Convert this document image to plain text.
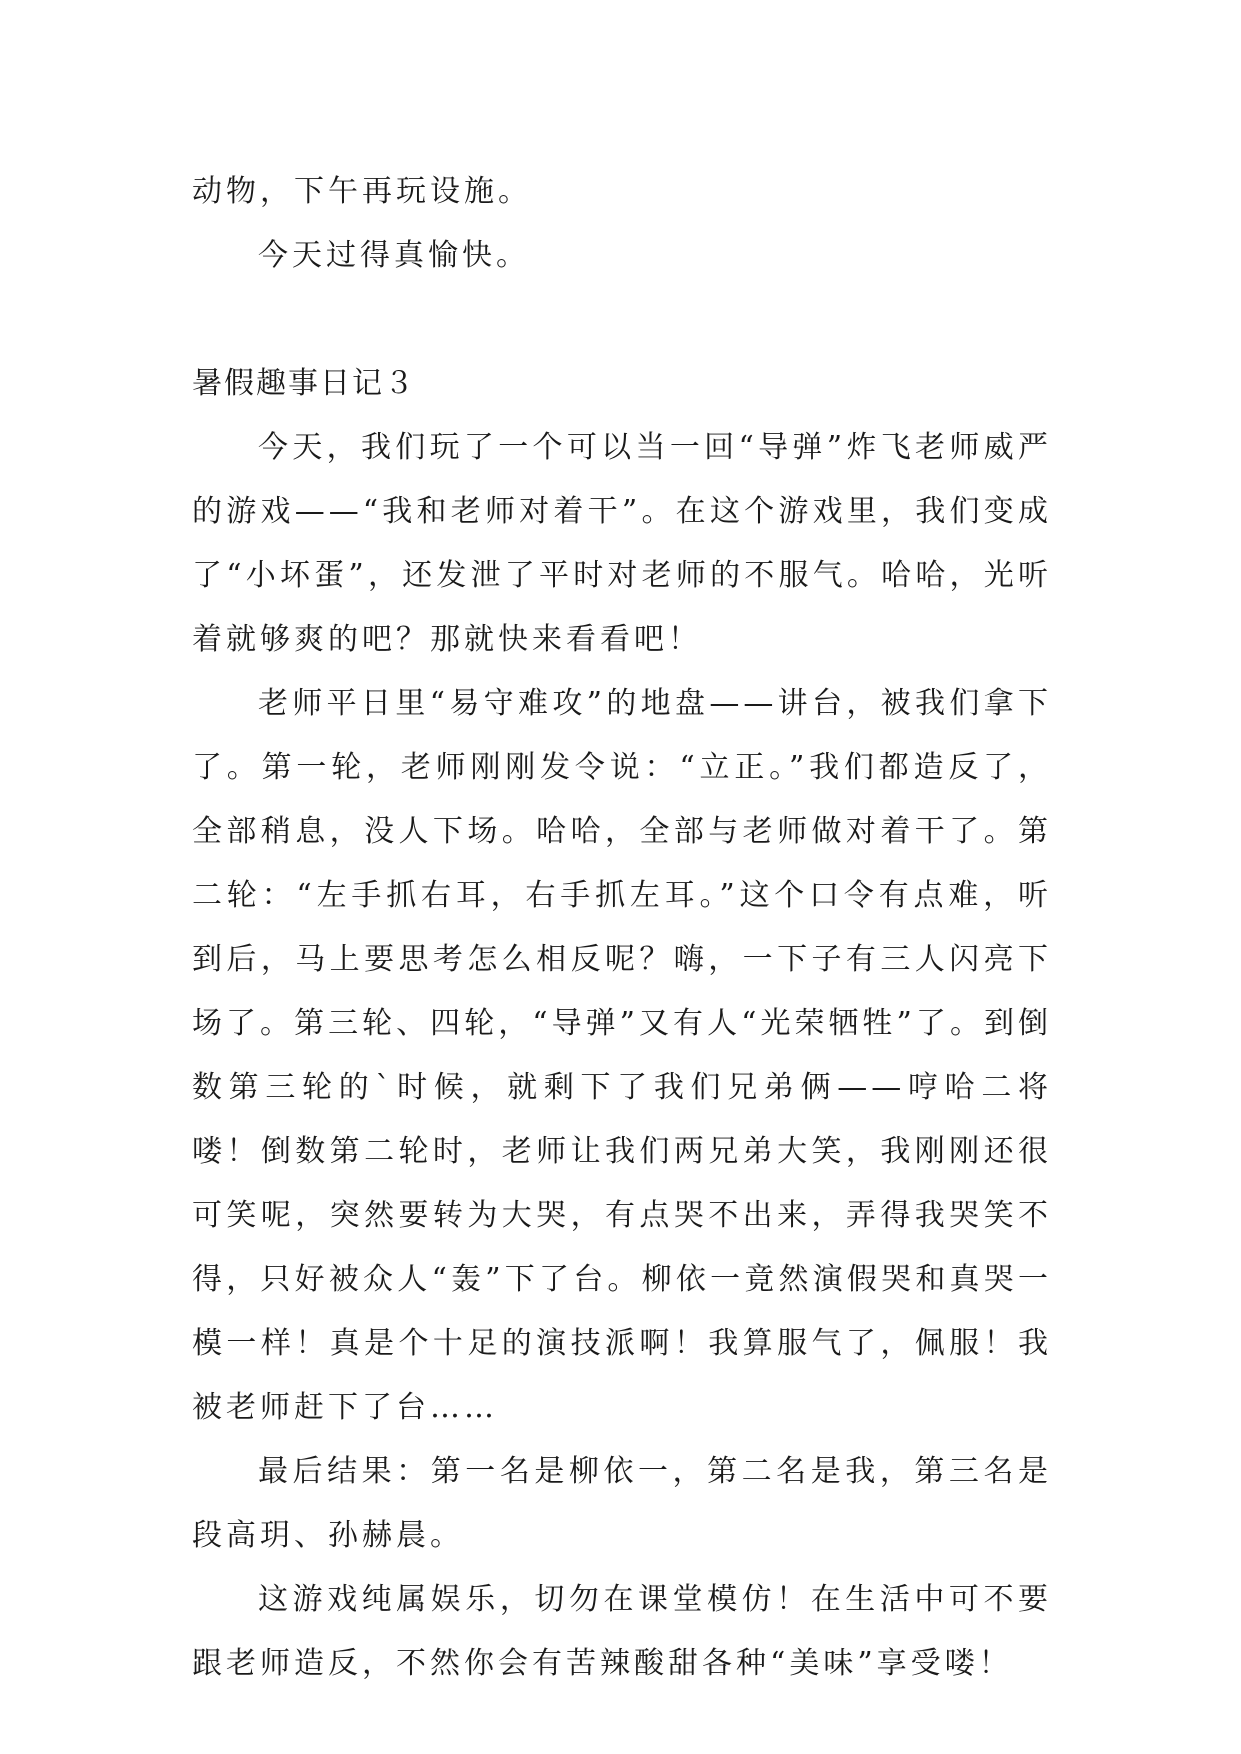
动物，下午再玩设施。

今天过得真愉快。

暑假趣事日记３

今天，我们玩了一个可以当一回“导弹”炸飞老师威严的游戏——“我和老师对着干”。在这个游戏里，我们变成了“小坏蛋”，还发泄了平时对老师的不服气。哈哈，光听着就够爽的吧？那就快来看看吧！

老师平日里“易守难攻”的地盘——讲台，被我们拿下了。第一轮，老师刚刚发令说：“立正。”我们都造反了，全部稍息，没人下场。哈哈，全部与老师做对着干了。第二轮：“左手抓右耳，右手抓左耳。”这个口令有点难，听到后，马上要思考怎么相反呢？嗨，一下子有三人闪亮下场了。第三轮、四轮，“导弹”又有人“光荣牺牲”了。到倒数第三轮的`时候，就剩下了我们兄弟俩——哼哈二将喽！倒数第二轮时，老师让我们两兄弟大笑，我刚刚还很可笑呢，突然要转为大哭，有点哭不出来，弄得我哭笑不得，只好被众人“轰”下了台。柳依一竟然演假哭和真哭一模一样！真是个十足的演技派啊！我算服气了，佩服！我被老师赶下了台……

最后结果：第一名是柳依一，第二名是我，第三名是段高玥、孙赫晨。

这游戏纯属娱乐，切勿在课堂模仿！在生活中可不要跟老师造反，不然你会有苦辣酸甜各种“美味”享受喽！
